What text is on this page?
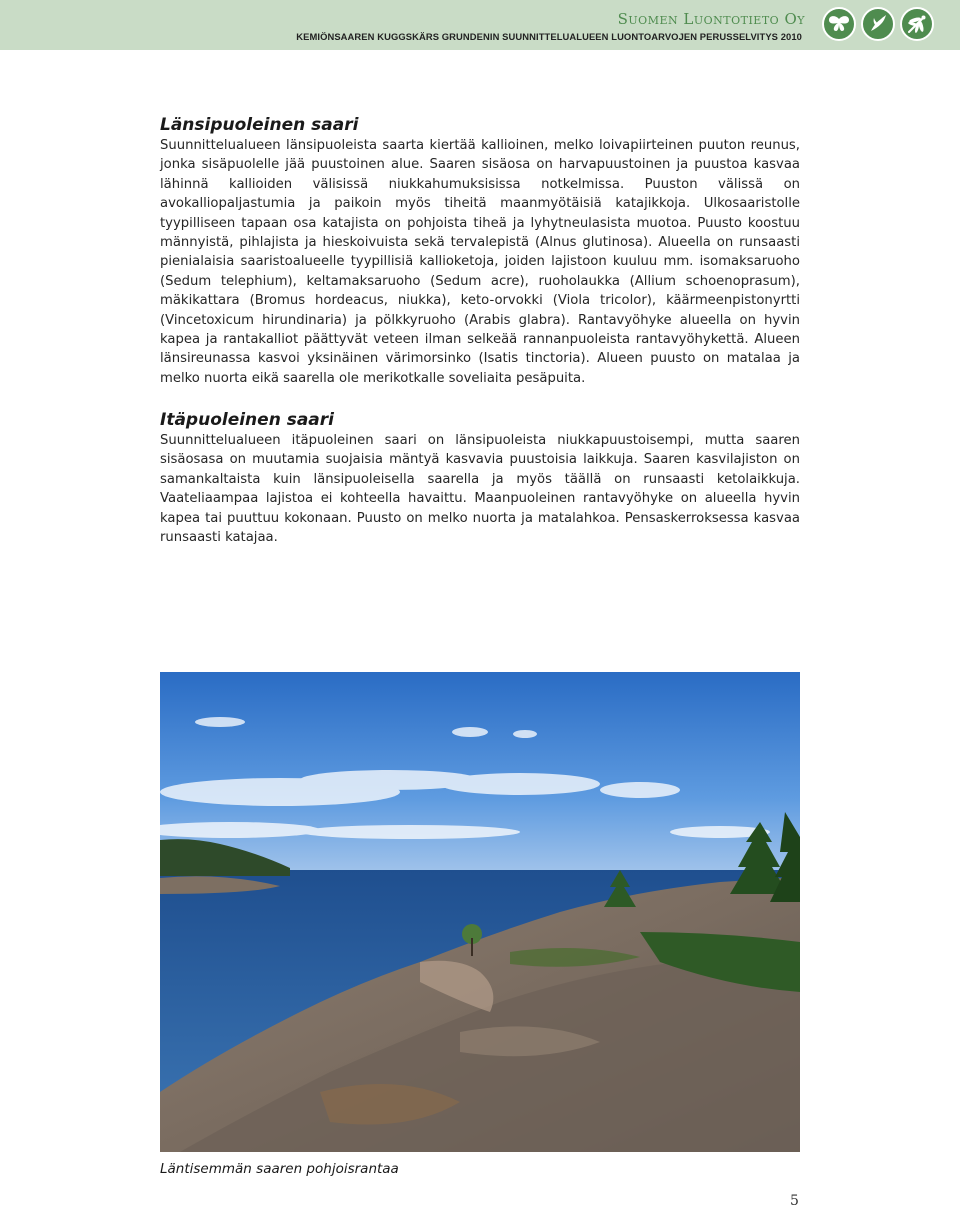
Suomen Luontotieto Oy
KEMIÖNSAAREN KUGGSKÄRS GRUNDENIN SUUNNITTELUALUEEN LUONTOARVOJEN PERUSSELVITYS 2010
Länsipuoleinen saari

Suunnittelualueen länsipuoleista saarta kiertää kallioinen, melko loivapiirteinen puuton reunus, jonka sisäpuolelle jää puustoinen alue. Saaren sisäosa on harvapuustoinen ja puustoa kasvaa lähinnä kallioiden välisissä niukkahumuksisissa notkelmissa. Puuston välissä on avokalliopaljastumia ja paikoin myös tiheitä maanmyötäisiä katajikkoja. Ulkosaaristolle tyypilliseen tapaan osa katajista on pohjoista tiheä ja lyhytneulasista muotoa. Puusto koostuu männyistä, pihlajista ja hieskoivuista sekä tervalepistä (Alnus glutinosa). Alueella on runsaasti pienialaisia saaristoalueelle tyypillisiä kallioketoja, joiden lajistoon kuuluu mm. isomaksaruoho (Sedum telephium), keltamaksaruoho (Sedum acre), ruoholaukka (Allium schoenoprasum), mäkikattara (Bromus hordeacus, niukka), keto-orvokki (Viola tricolor), käärmeenpistonyrtti (Vincetoxicum hirundinaria) ja pölkkyruoho (Arabis glabra). Rantavyöhyke alueella on hyvin kapea ja rantakalliot päättyvät veteen ilman selkeää rannanpuoleista rantavyöhykettä. Alueen länsireunassa kasvoi yksinäinen värimorsinko (Isatis tinctoria). Alueen puusto on matalaa ja melko nuorta eikä saarella ole merikotkalle soveliaita pesäpuita.

Itäpuoleinen saari

Suunnittelualueen itäpuoleinen saari on länsipuoleista niukkapuustoisempi, mutta saaren sisäosasa on muutamia suojaisia mäntyä kasvavia puustoisia laikkuja. Saaren kasvilajiston on samankaltaista kuin länsipuoleisella saarella ja myös täällä on runsaasti ketolaikkuja. Vaateliaampaa lajistoa ei kohteella havaittu. Maanpuoleinen rantavyöhyke on alueella hyvin kapea tai puuttuu kokonaan. Puusto on melko nuorta ja matalahkoa. Pensaskerroksessa kasvaa runsaasti katajaa.

Läntisemmän saaren pohjoisrantaa
5
